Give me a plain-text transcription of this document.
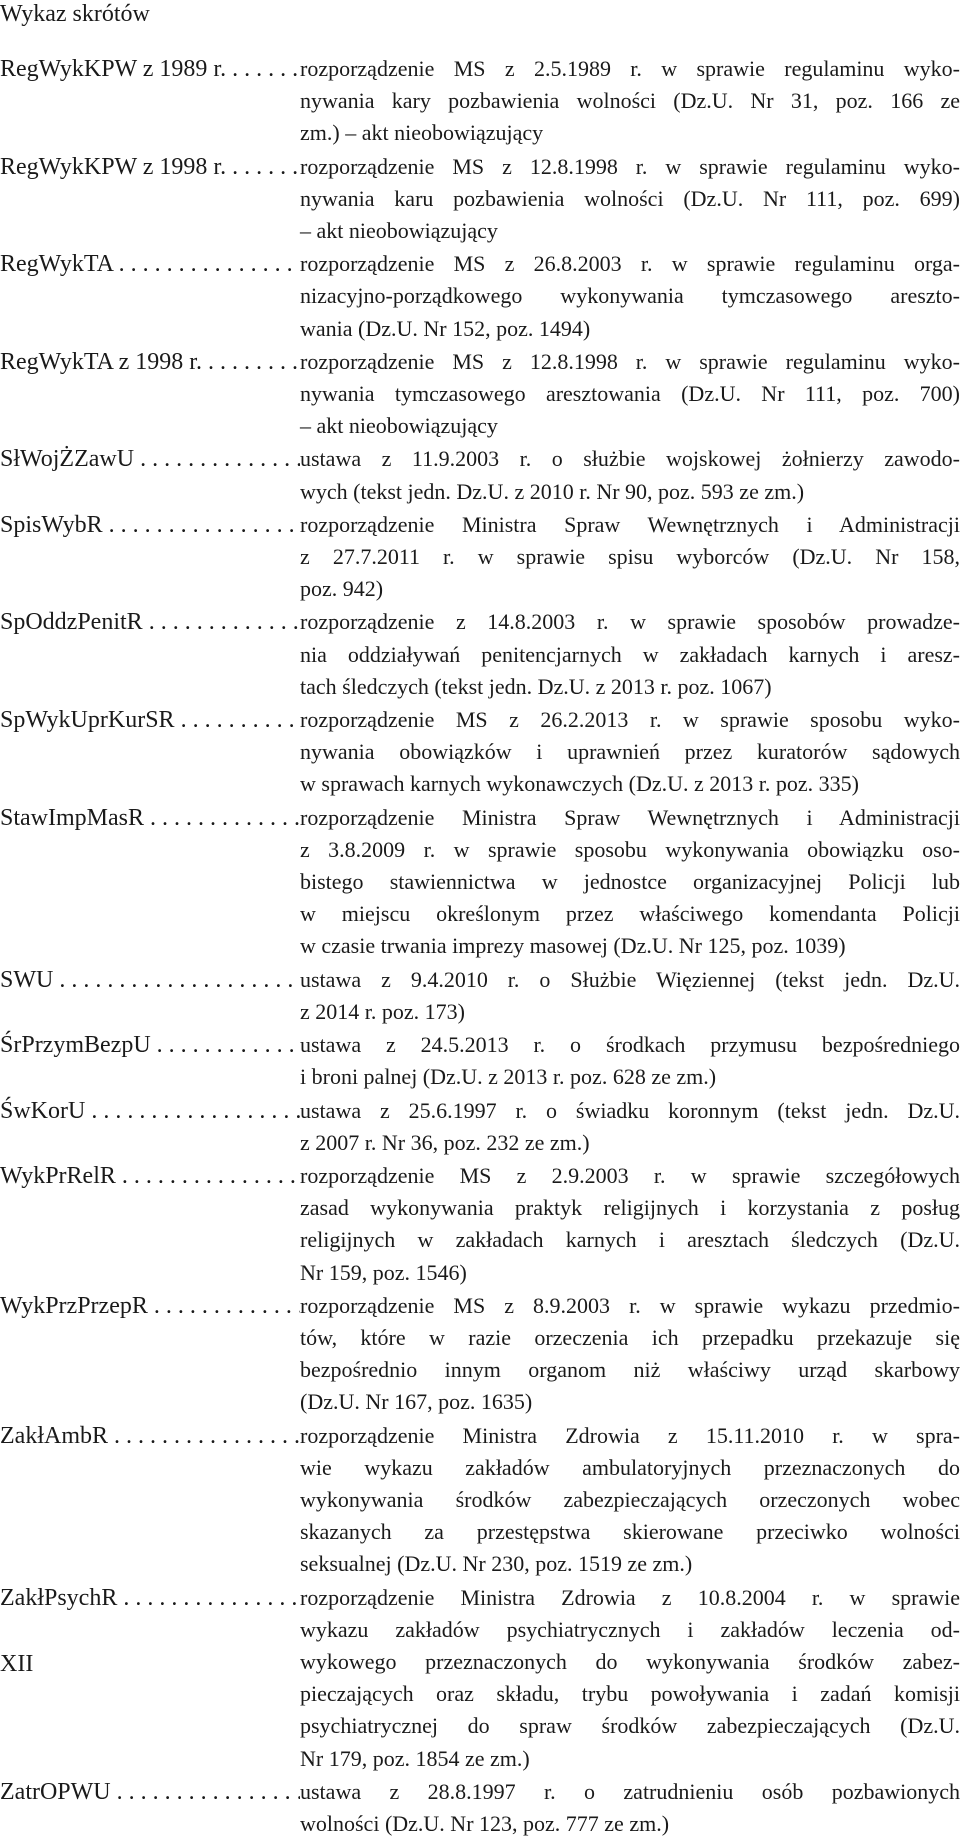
Wykaz skrótów
RegWykKPW z 1989 r. . . .	rozporządzenie MS z 2.5.1989 r. w sprawie regulaminu wyko-
nywania kary pozbawienia wolności (Dz.U. Nr 31, poz. 166 ze
zm.) – akt nieobowiązujący
RegWykKPW z 1998 r. . . .	rozporządzenie MS z 12.8.1998 r. w sprawie regulaminu wyko-
nywania karu pozbawienia wolności (Dz.U. Nr 111, poz. 699)
– akt nieobowiązujący
RegWykTA . . .	rozporządzenie MS z 26.8.2003 r. w sprawie regulaminu orga-
nizacyjno-porządkowego wykonywania tymczasowego aresztо-
wania (Dz.U. Nr 152, poz. 1494)
RegWykTA z 1998 r. . . .	rozporządzenie MS z 12.8.1998 r. w sprawie regulaminu wyko-
nywania tymczasowego aresztowania (Dz.U. Nr 111, poz. 700)
– akt nieobowiązujący
SłWojŻZawU . . .	ustawa z 11.9.2003 r. o służbie wojskowej żołnierzy zawodo-
wych (tekst jedn. Dz.U. z 2010 r. Nr 90, poz. 593 ze zm.)
SpisWybR . . .	rozporządzenie Ministra Spraw Wewnętrznych i Administracji
z 27.7.2011 r. w sprawie spisu wyborców (Dz.U. Nr 158,
poz. 942)
SpOddzPenitR . . .	rozporządzenie z 14.8.2003 r. w sprawie sposobów prowadze-
nia oddziaływań penitencjarnych w zakładach karnych i aresz-
tach śledczych (tekst jedn. Dz.U. z 2013 r. poz. 1067)
SpWykUprKurSR . . .	rozporządzenie MS z 26.2.2013 r. w sprawie sposobu wyko-
nywania obowiązków i uprawnień przez kuratorów sądowych
w sprawach karnych wykonawczych (Dz.U. z 2013 r. poz. 335)
StawImpMasR . . .	rozporządzenie Ministra Spraw Wewnętrznych i Administracji
z 3.8.2009 r. w sprawie sposobu wykonywania obowiązku oso-
bistego stawiennictwa w jednostce organizacyjnej Policji lub
w miejscu określonym przez właściwego komendanta Policji
w czasie trwania imprezy masowej (Dz.U. Nr 125, poz. 1039)
SWU . . .	ustawa z 9.4.2010 r. o Służbie Więziennej (tekst jedn. Dz.U.
z 2014 r. poz. 173)
ŚrPrzymBezpU . . .	ustawa z 24.5.2013 r. o środkach przymusu bezpośredniego
i broni palnej (Dz.U. z 2013 r. poz. 628 ze zm.)
ŚwKorU . . .	ustawa z 25.6.1997 r. o świadku koronnym (tekst jedn. Dz.U.
z 2007 r. Nr 36, poz. 232 ze zm.)
WykPrRelR . . .	rozporządzenie MS z 2.9.2003 r. w sprawie szczegółowych
zasad wykonywania praktyk religijnych i korzystania z posług
religijnych w zakładach karnych i aresztach śledczych (Dz.U.
Nr 159, poz. 1546)
WykPrzPrzepR . . .	rozporządzenie MS z 8.9.2003 r. w sprawie wykazu przedmio-
tów, które w razie orzeczenia ich przepadku przekazuje się
bezpośrednio innym organom niż właściwy urząd skarbowy
(Dz.U. Nr 167, poz. 1635)
ZakłAmbR . . .	rozporządzenie Ministra Zdrowia z 15.11.2010 r. w spra-
wie wykazu zakładów ambulatoryjnych przeznaczonych do
wykonywania środków zabezpieczających orzeczonych wobec
skazanych za przestępstwa skierowane przeciwko wolności
seksualnej (Dz.U. Nr 230, poz. 1519 ze zm.)
ZakłPsychR . . .	rozporządzenie Ministra Zdrowia z 10.8.2004 r. w sprawie
wykazu zakładów psychiatrycznych i zakładów leczenia od-
wykowego przeznaczonych do wykonywania środków zabez-
pieczających oraz składu, trybu powoływania i zadań komisji
psychiatrycznej do spraw środków zabezpieczających (Dz.U.
Nr 179, poz. 1854 ze zm.)
ZatrOPWU . . .	ustawa z 28.8.1997 r. o zatrudnieniu osób pozbawionych
wolności (Dz.U. Nr 123, poz. 777 ze zm.)
XII
